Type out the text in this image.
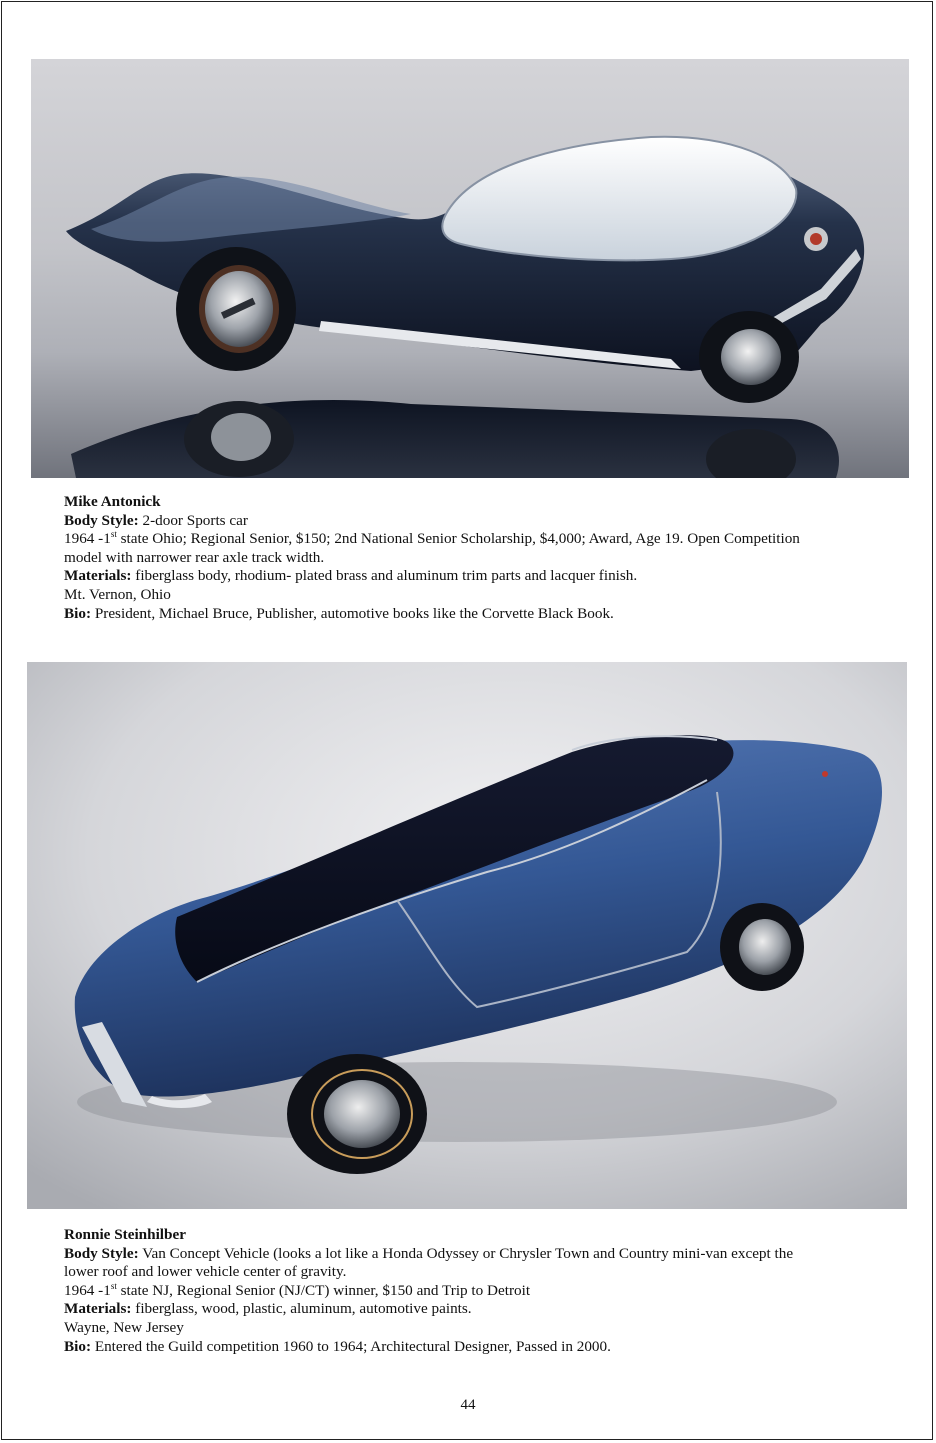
Mike Antonick
Body Style: 2-door Sports car
1964 -1st state Ohio; Regional Senior, $150; 2nd National Senior Scholarship, $4,000; Award, Age 19. Open Competition
model with narrower rear axle track width.
Materials: fiberglass body, rhodium- plated brass and aluminum trim parts and lacquer finish.
Mt. Vernon, Ohio
Bio: President, Michael Bruce, Publisher, automotive books like the Corvette Black Book.
Ronnie Steinhilber
Body Style: Van Concept Vehicle (looks a lot like a Honda Odyssey or Chrysler Town and Country mini-van except the
lower roof and lower vehicle center of gravity.
1964 -1st state NJ, Regional Senior (NJ/CT) winner, $150 and Trip to Detroit
Materials: fiberglass, wood, plastic, aluminum, automotive paints.
Wayne, New Jersey
Bio: Entered the Guild competition 1960 to 1964; Architectural Designer, Passed in 2000.
44
